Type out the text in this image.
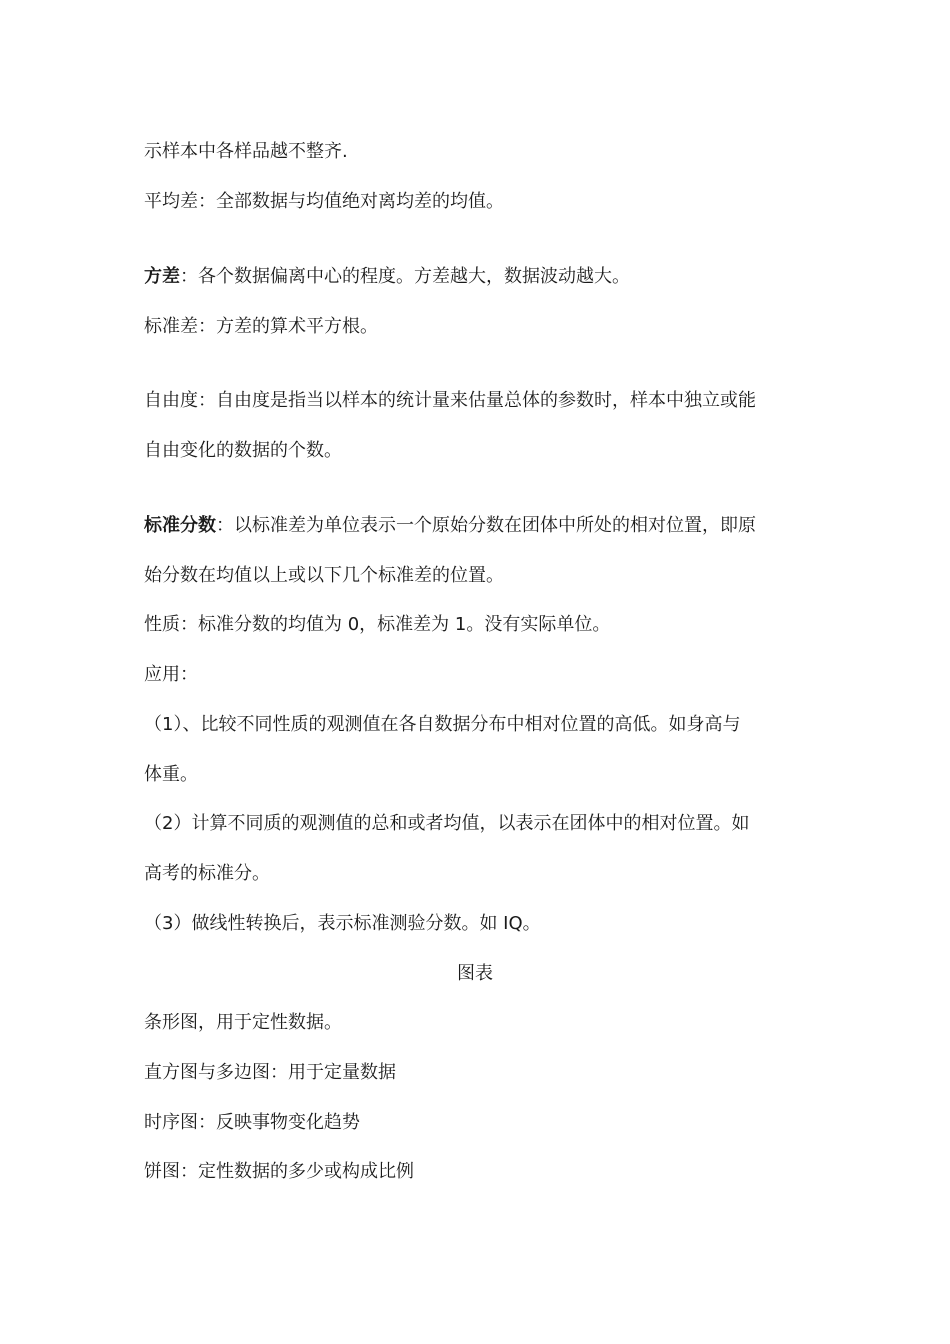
示样本中各样品越不整齐.
平均差：全部数据与均值绝对离均差的均值。
方差：各个数据偏离中心的程度。方差越大，数据波动越大。
标准差：方差的算术平方根。
自由度：自由度是指当以样本的统计量来估量总体的参数时，样本中独立或能
自由变化的数据的个数。
标准分数：以标准差为单位表示一个原始分数在团体中所处的相对位置，即原
始分数在均值以上或以下几个标准差的位置。
性质：标准分数的均值为 0，标准差为 1。没有实际单位。
应用：
（1）、比较不同性质的观测值在各自数据分布中相对位置的高低。如身高与
体重。
（2）计算不同质的观测值的总和或者均值，以表示在团体中的相对位置。如
高考的标准分。
（3）做线性转换后，表示标准测验分数。如 IQ。
图表
条形图，用于定性数据。
直方图与多边图：用于定量数据
时序图：反映事物变化趋势
饼图：定性数据的多少或构成比例
